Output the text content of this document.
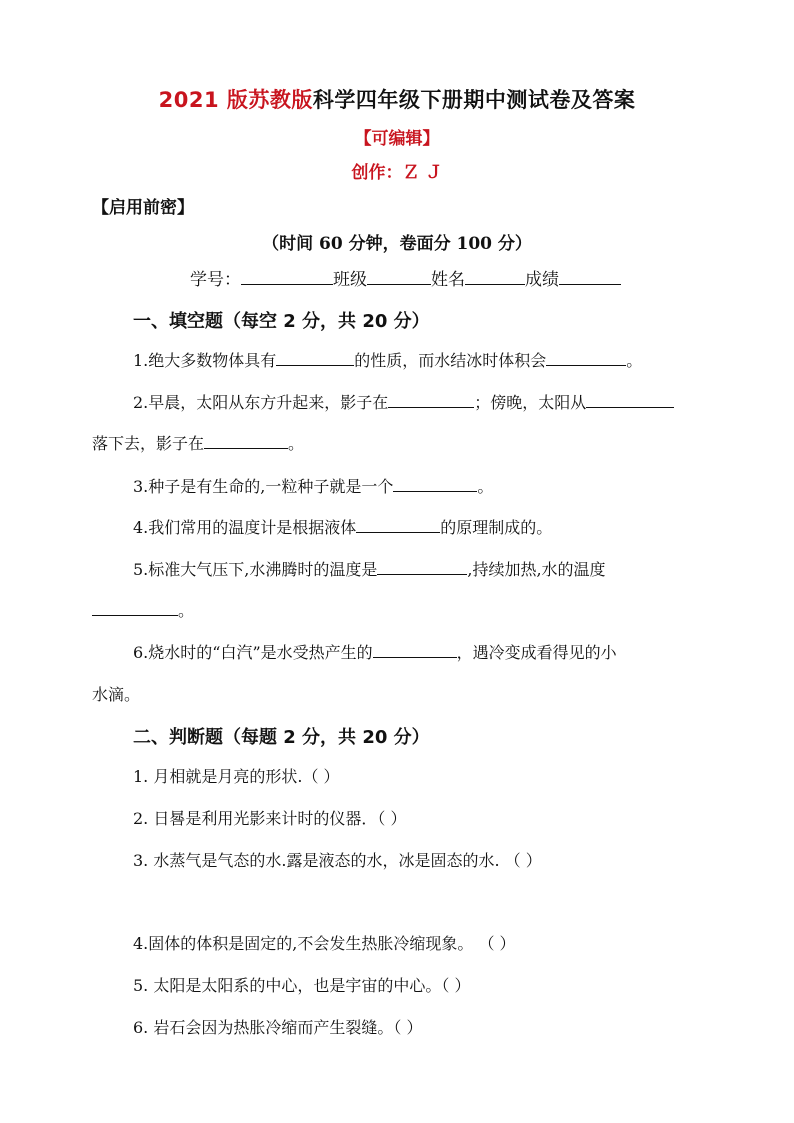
2021 版苏教版科学四年级下册期中测试卷及答案
【可编辑】
创作：Ｚ Ｊ
【启用前密】
（时间 60 分钟，卷面分 100 分）
学号：	班级	姓名	成绩
一、填空题（每空 2 分，共 20 分）
1.绝大多数物体具有	的性质，而水结冰时体积会	。
2.早晨，太阳从东方升起来，影子在	；傍晚，太阳从
落下去，影子在	。
3.种子是有生命的,一粒种子就是一个	。
4.我们常用的温度计是根据液体	的原理制成的。
5.标准大气压下,水沸腾时的温度是	,持续加热,水的温度
。
6.烧水时的“白汽”是水受热产生的	，遇冷变成看得见的小
水滴。
二、判断题（每题 2 分，共 20 分）
1. 月相就是月亮的形状.（ ）
2. 日晷是利用光影来计时的仪器．（ ）
3. 水蒸气是气态的水.露是液态的水，冰是固态的水. （ ）
4.固体的体积是固定的,不会发生热胀冷缩现象。 （ ）
5. 太阳是太阳系的中心，也是宇宙的中心。（ ）
6. 岩石会因为热胀冷缩而产生裂缝。（ ）
